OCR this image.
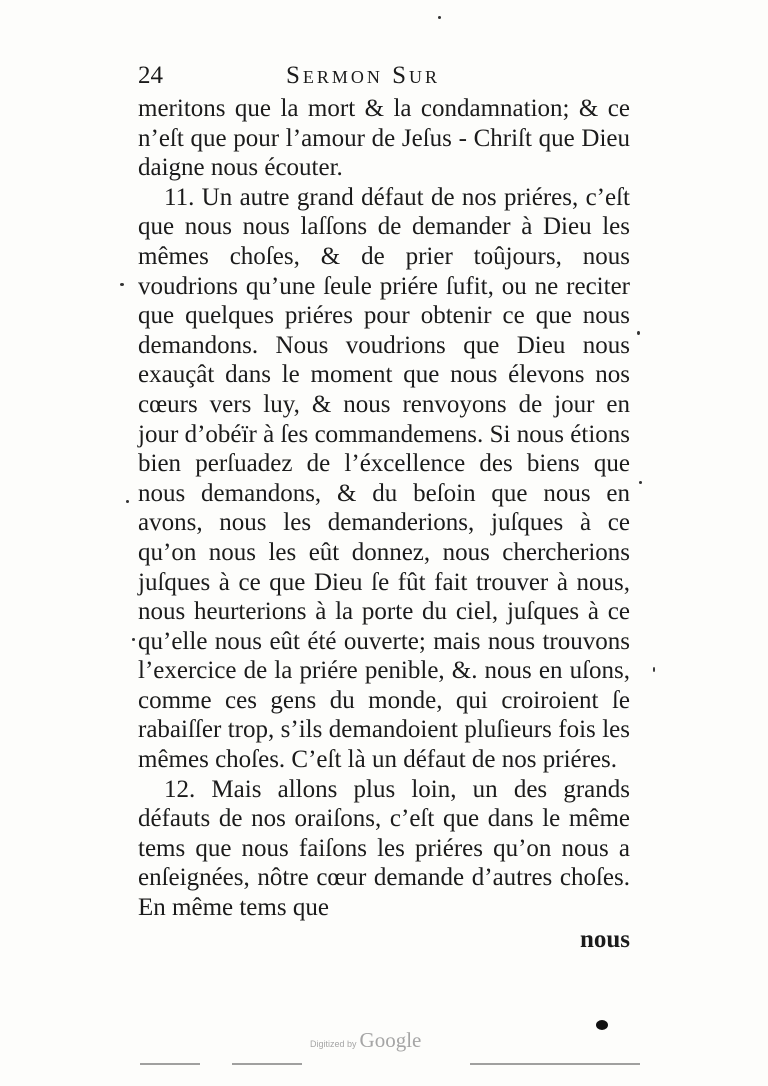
24	Sermon Sur

meritons que la mort & la condamnation; & ce n’eſt que pour l’amour de Jeſus - Chriſt que Dieu daigne nous écouter.

11. Un autre grand défaut de nos priéres, c’eſt que nous nous laſſons de demander à Dieu les mêmes choſes, & de prier toûjours, nous voudrions qu’une ſeule priére ſufit, ou ne reciter que quelques priéres pour obtenir ce que nous demandons. Nous voudrions que Dieu nous exauçât dans le moment que nous élevons nos cœurs vers luy, & nous renvoyons de jour en jour d’obéïr à ſes commandemens. Si nous étions bien perſuadez de l’éxcellence des biens que nous demandons, & du beſoin que nous en avons, nous les demanderions, juſques à ce qu’on nous les eût donnez, nous chercherions juſques à ce que Dieu ſe fût fait trouver à nous, nous heurterions à la porte du ciel, juſques à ce qu’elle nous eût été ouverte; mais nous trouvons l’exercice de la priére penible, &. nous en uſons, comme ces gens du monde, qui croiroient ſe rabaiſſer trop, s’ils demandoient pluſieurs fois les mêmes choſes. C’eſt là un défaut de nos priéres.

12. Mais allons plus loin, un des grands défauts de nos oraiſons, c’eſt que dans le même tems que nous faiſons les priéres qu’on nous a enſeignées, nôtre cœur demande d’autres choſes. En même tems que

nous
Digitized by Google
